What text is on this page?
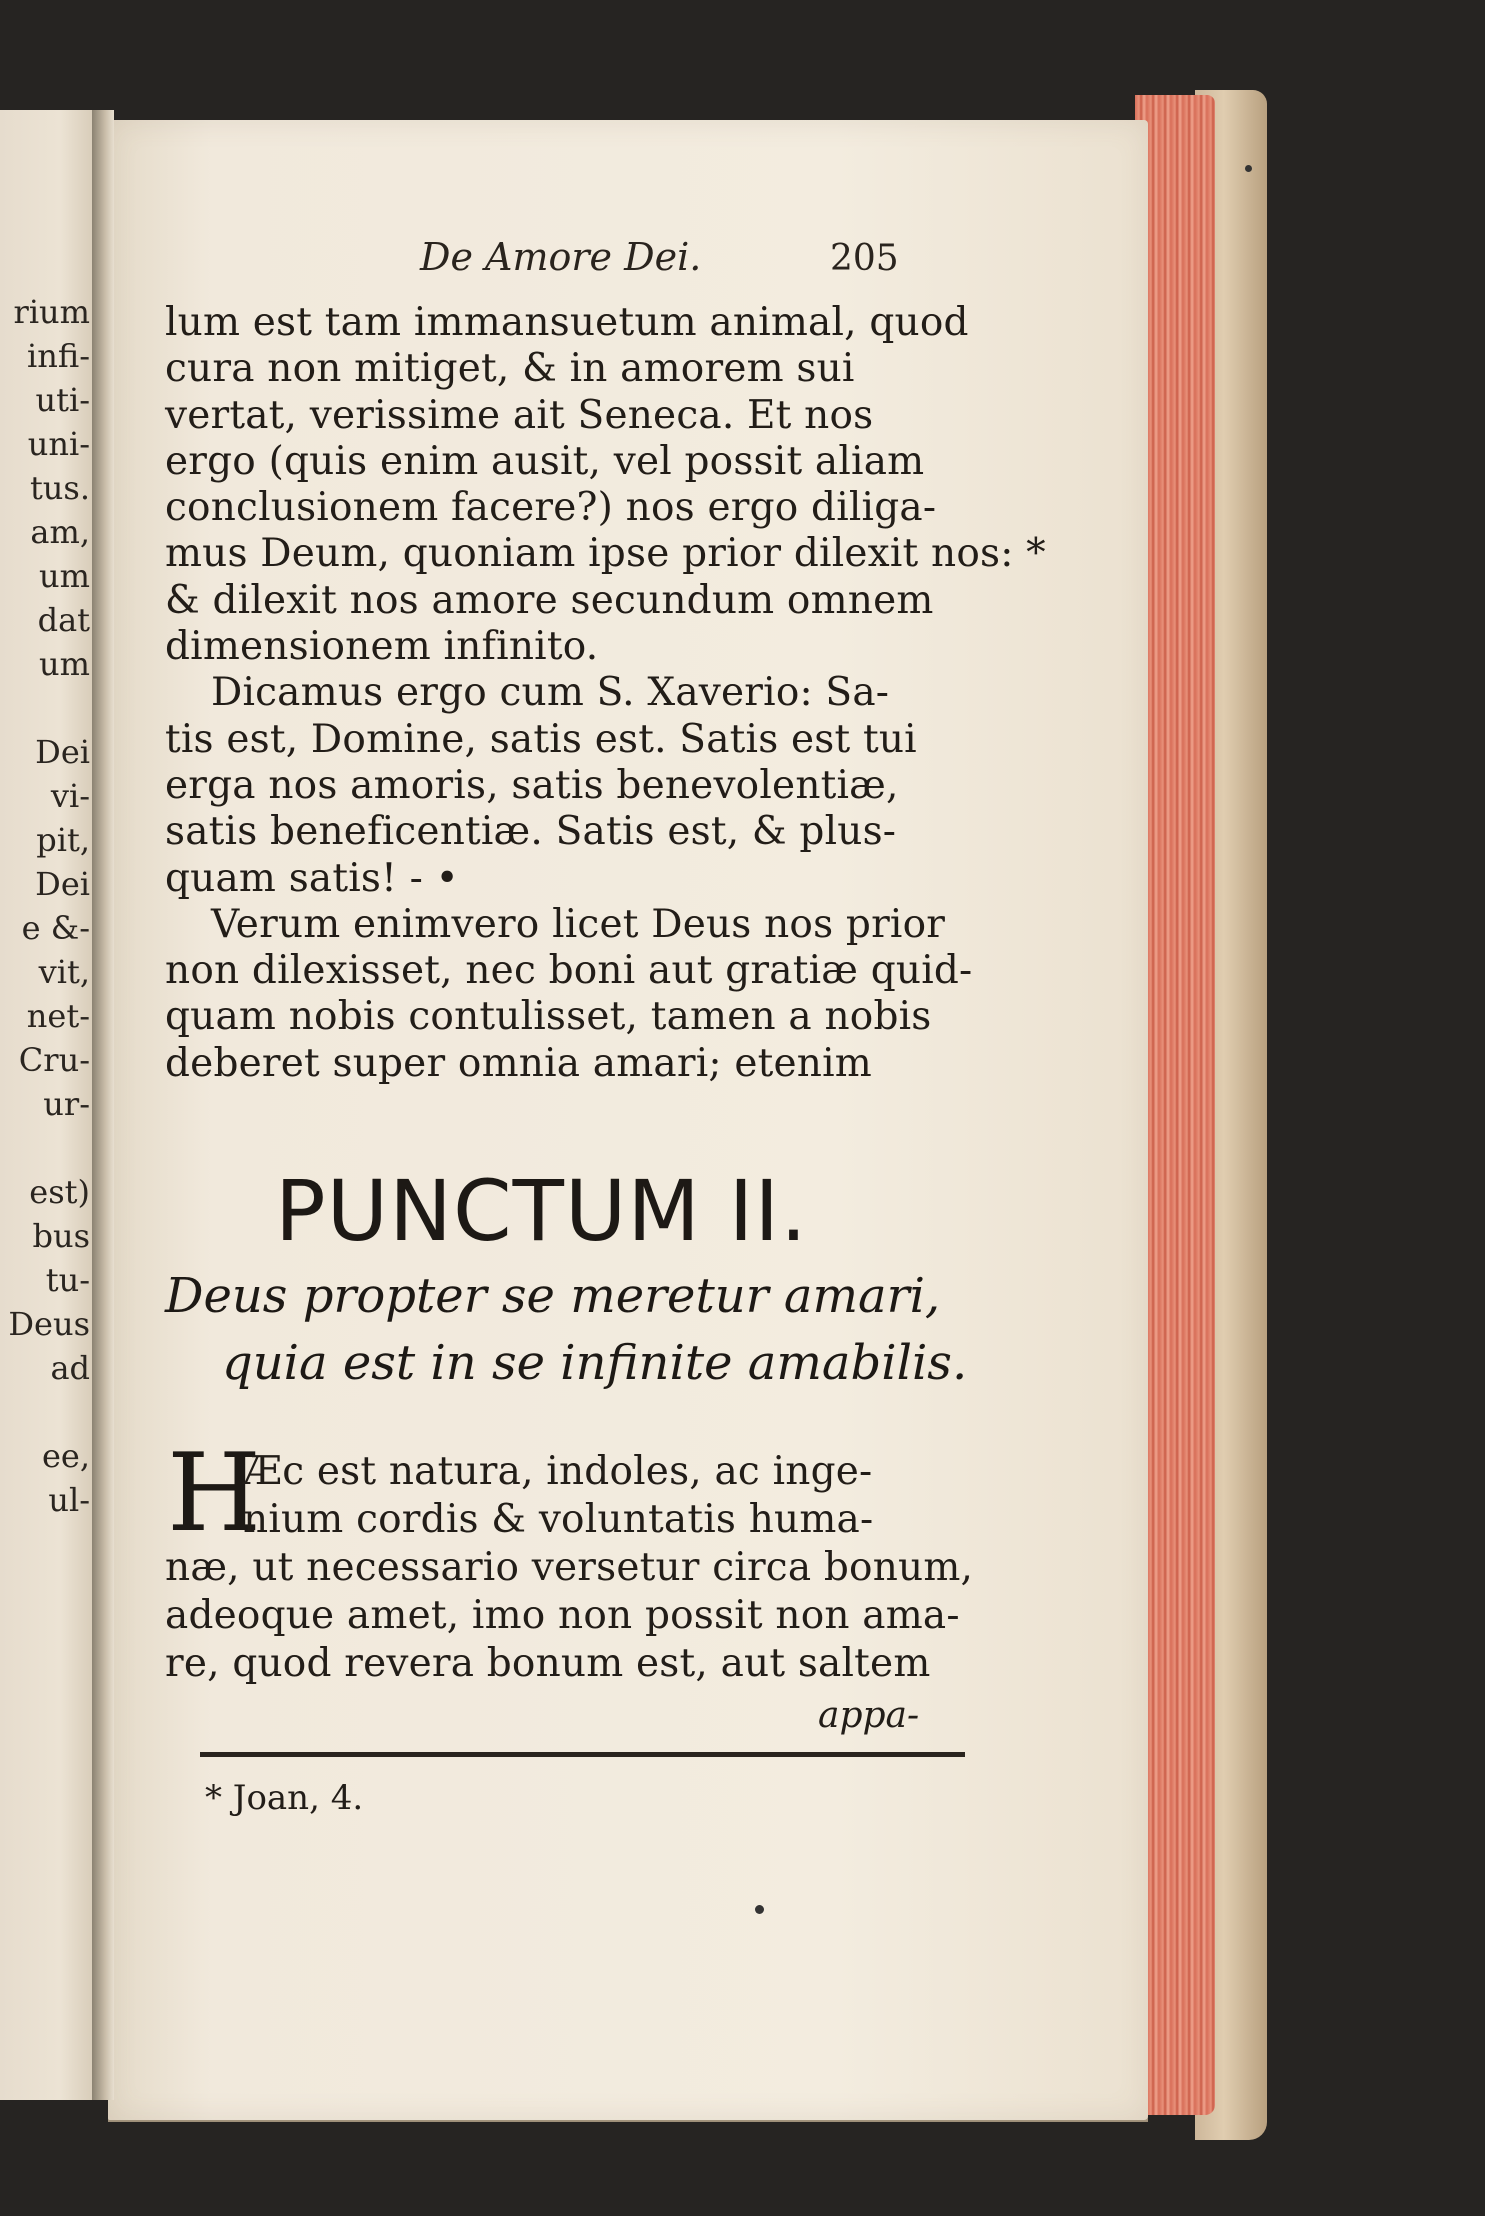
rium
infi-
uti-
uni-
tus.
am,
um
dat
um
Dei
vi-
pit,
Dei
e &-
vit,
net-
Cru-
ur-
est)
bus
tu-
Deus
ad
ee,
ul-
De Amore Dei.	205
lum est tam immansuetum animal, quod
cura non mitiget, & in amorem sui
vertat, verissime ait Seneca. Et nos
ergo (quis enim ausit, vel possit aliam
conclusionem facere?) nos ergo diliga-
mus Deum, quoniam ipse prior dilexit nos: *
& dilexit nos amore secundum omnem
dimensionem infinito.
Dicamus ergo cum S. Xaverio: Sa-
tis est, Domine, satis est. Satis est tui
erga nos amoris, satis benevolentiæ,
satis beneficentiæ. Satis est, & plus-
quam satis! - •
Verum enimvero licet Deus nos prior
non dilexisset, nec boni aut gratiæ quid-
quam nobis contulisset, tamen a nobis
deberet super omnia amari; etenim
PUNCTUM II.
Deus propter se meretur amari,
quia est in se infinite amabilis.
H
Æc est natura, indoles, ac inge-
nium cordis & voluntatis huma-
næ, ut necessario versetur circa bonum,
adeoque amet, imo non possit non ama-
re, quod revera bonum est, aut saltem
appa-
* Joan, 4.
